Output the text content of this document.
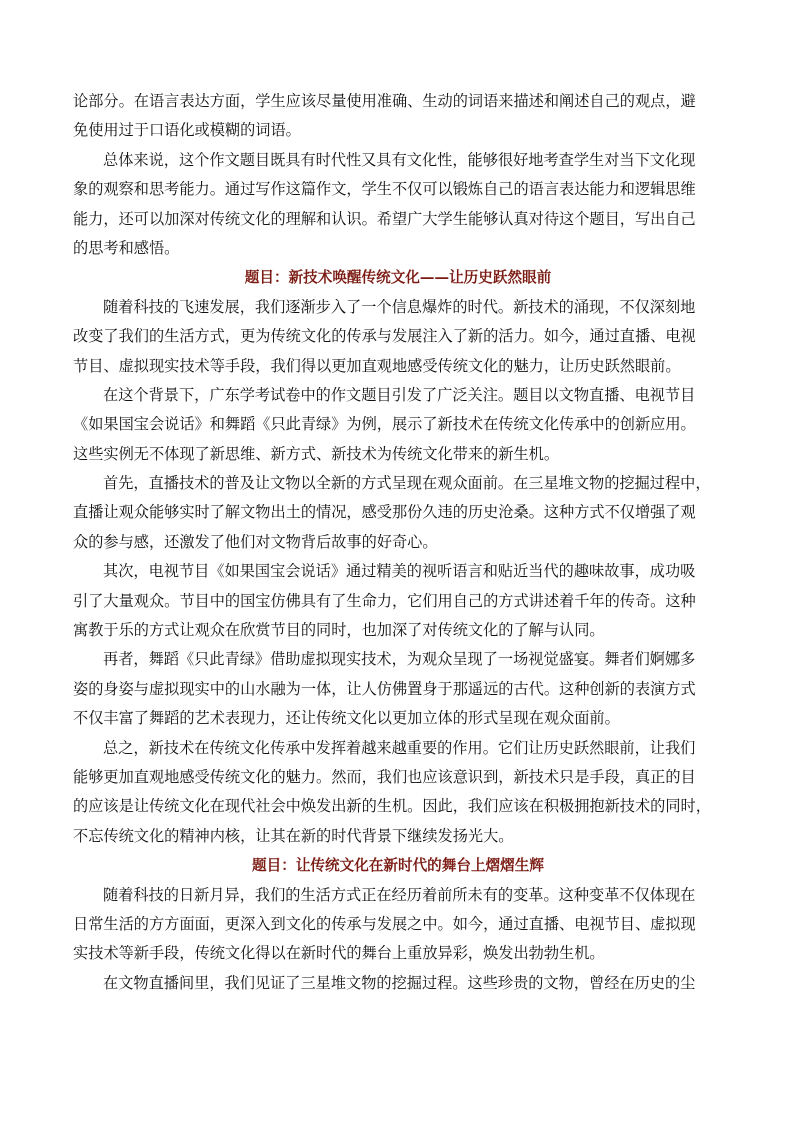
论部分。在语言表达方面，学生应该尽量使用准确、生动的词语来描述和阐述自己的观点，避
免使用过于口语化或模糊的词语。
总体来说，这个作文题目既具有时代性又具有文化性，能够很好地考查学生对当下文化现
象的观察和思考能力。通过写作这篇作文，学生不仅可以锻炼自己的语言表达能力和逻辑思维
能力，还可以加深对传统文化的理解和认识。希望广大学生能够认真对待这个题目，写出自己
的思考和感悟。
题目：新技术唤醒传统文化——让历史跃然眼前
随着科技的飞速发展，我们逐渐步入了一个信息爆炸的时代。新技术的涌现，不仅深刻地
改变了我们的生活方式，更为传统文化的传承与发展注入了新的活力。如今，通过直播、电视
节目、虚拟现实技术等手段，我们得以更加直观地感受传统文化的魅力，让历史跃然眼前。
在这个背景下，广东学考试卷中的作文题目引发了广泛关注。题目以文物直播、电视节目
《如果国宝会说话》和舞蹈《只此青绿》为例，展示了新技术在传统文化传承中的创新应用。
这些实例无不体现了新思维、新方式、新技术为传统文化带来的新生机。
首先，直播技术的普及让文物以全新的方式呈现在观众面前。在三星堆文物的挖掘过程中，
直播让观众能够实时了解文物出土的情况，感受那份久违的历史沧桑。这种方式不仅增强了观
众的参与感，还激发了他们对文物背后故事的好奇心。
其次，电视节目《如果国宝会说话》通过精美的视听语言和贴近当代的趣味故事，成功吸
引了大量观众。节目中的国宝仿佛具有了生命力，它们用自己的方式讲述着千年的传奇。这种
寓教于乐的方式让观众在欣赏节目的同时，也加深了对传统文化的了解与认同。
再者，舞蹈《只此青绿》借助虚拟现实技术，为观众呈现了一场视觉盛宴。舞者们婀娜多
姿的身姿与虚拟现实中的山水融为一体，让人仿佛置身于那遥远的古代。这种创新的表演方式
不仅丰富了舞蹈的艺术表现力，还让传统文化以更加立体的形式呈现在观众面前。
总之，新技术在传统文化传承中发挥着越来越重要的作用。它们让历史跃然眼前，让我们
能够更加直观地感受传统文化的魅力。然而，我们也应该意识到，新技术只是手段，真正的目
的应该是让传统文化在现代社会中焕发出新的生机。因此，我们应该在积极拥抱新技术的同时，
不忘传统文化的精神内核，让其在新的时代背景下继续发扬光大。
题目：让传统文化在新时代的舞台上熠熠生辉
随着科技的日新月异，我们的生活方式正在经历着前所未有的变革。这种变革不仅体现在
日常生活的方方面面，更深入到文化的传承与发展之中。如今，通过直播、电视节目、虚拟现
实技术等新手段，传统文化得以在新时代的舞台上重放异彩，焕发出勃勃生机。
在文物直播间里，我们见证了三星堆文物的挖掘过程。这些珍贵的文物，曾经在历史的尘
